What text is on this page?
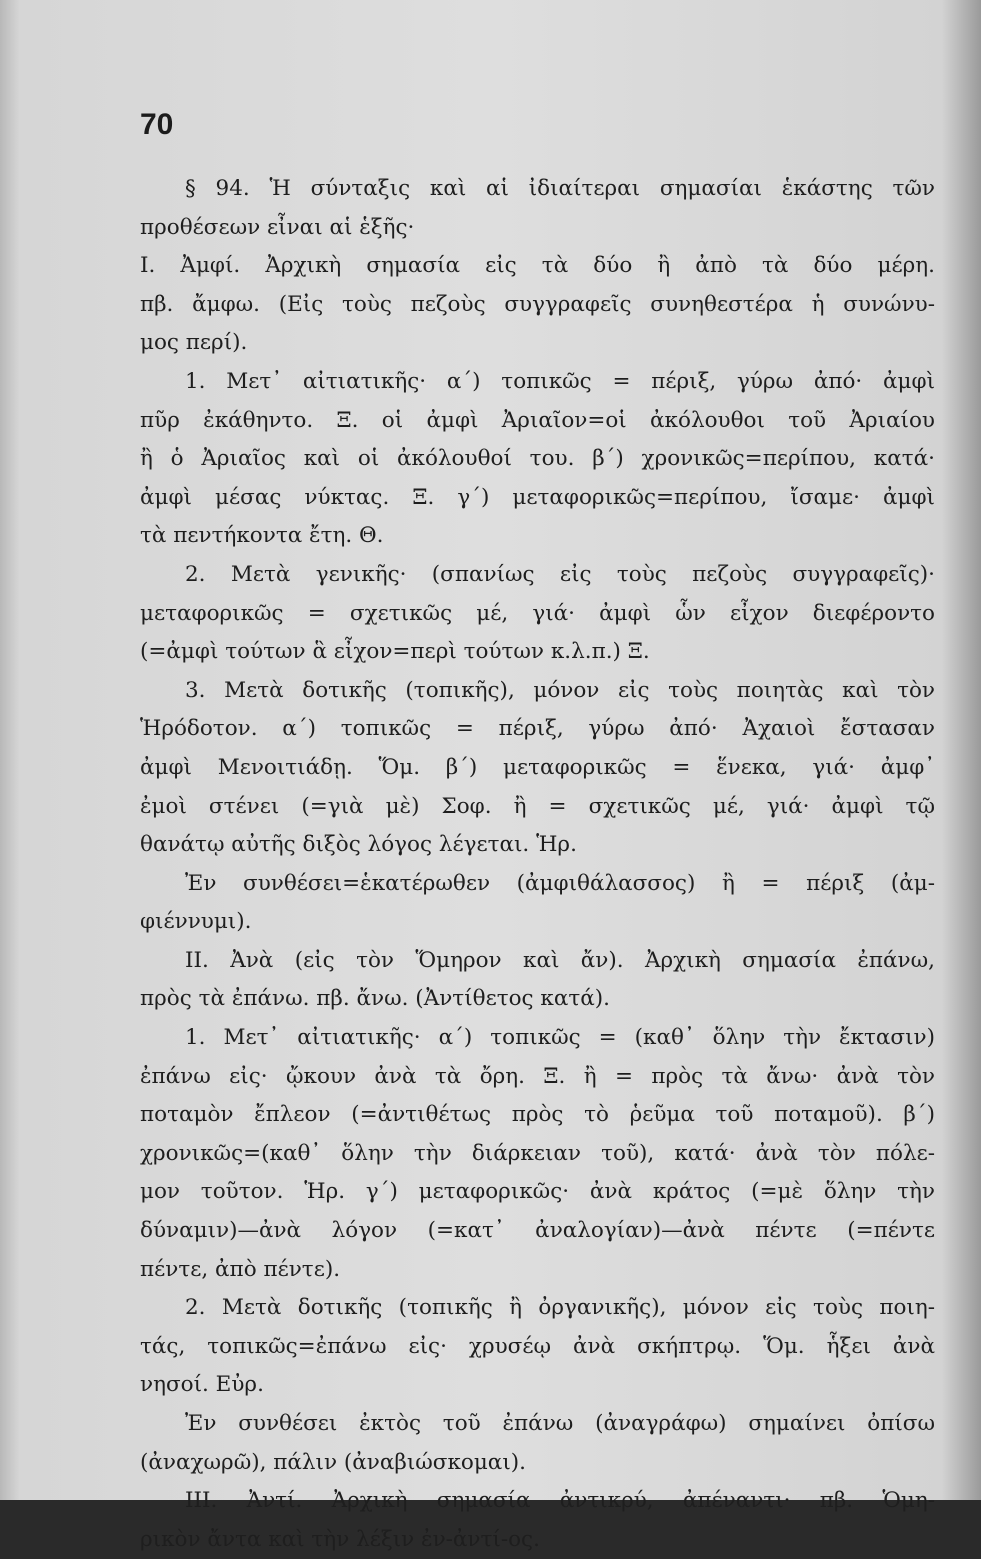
70
§ 94. Ἡ σύνταξις καὶ αἱ ἰδιαίτεραι σημασίαι ἑκάστης τῶν
προθέσεων εἶναι αἱ ἑξῆς·
Ι. Ἀμφί. Ἀρχικὴ σημασία εἰς τὰ δύο ἢ ἀπὸ τὰ δύο μέρη.
πβ. ἄμφω. (Εἰς τοὺς πεζοὺς συγγραφεῖς συνηθεστέρα ἡ συνώνυ-
μος περί).
1. Μετ᾽ αἰτιατικῆς· α΄) τοπικῶς = πέριξ, γύρω ἀπό· ἀμφὶ
πῦρ ἐκάθηντο. Ξ. οἱ ἀμφὶ Ἀριαῖον=οἱ ἀκόλουθοι τοῦ Ἀριαίου
ἢ ὁ Ἀριαῖος καὶ οἱ ἀκόλουθοί του. β΄) χρονικῶς=περίπου, κατά·
ἀμφὶ μέσας νύκτας. Ξ. γ΄) μεταφορικῶς=περίπου, ἴσαμε· ἀμφὶ
τὰ πεντήκοντα ἔτη. Θ.
2. Μετὰ γενικῆς· (σπανίως εἰς τοὺς πεζοὺς συγγραφεῖς)·
μεταφορικῶς = σχετικῶς μέ, γιά· ἀμφὶ ὧν εἶχον διεφέροντο
(=ἀμφὶ τούτων ἃ εἶχον=περὶ τούτων κ.λ.π.) Ξ.
3. Μετὰ δοτικῆς (τοπικῆς), μόνον εἰς τοὺς ποιητὰς καὶ τὸν
Ἡρόδοτον. α΄) τοπικῶς = πέριξ, γύρω ἀπό· Ἀχαιοὶ ἔστασαν
ἀμφὶ Μενοιτιάδῃ. Ὅμ. β΄) μεταφορικῶς = ἕνεκα, γιά· ἀμφ᾽
ἐμοὶ στένει (=γιὰ μὲ) Σοφ. ἢ = σχετικῶς μέ, γιά· ἀμφὶ τῷ
θανάτῳ αὐτῆς διξὸς λόγος λέγεται. Ἡρ.
Ἐν συνθέσει=ἑκατέρωθεν (ἀμφιθάλασσος) ἢ = πέριξ (ἀμ-
φιέννυμι).
ΙΙ. Ἀνὰ (εἰς τὸν Ὅμηρον καὶ ἄν). Ἀρχικὴ σημασία ἐπάνω,
πρὸς τὰ ἐπάνω. πβ. ἄνω. (Ἀντίθετος κατά).
1. Μετ᾽ αἰτιατικῆς· α΄) τοπικῶς = (καθ᾽ ὅλην τὴν ἔκτασιν)
ἐπάνω εἰς· ᾤκουν ἀνὰ τὰ ὄρη. Ξ. ἢ = πρὸς τὰ ἄνω· ἀνὰ τὸν
ποταμὸν ἔπλεον (=ἀντιθέτως πρὸς τὸ ῥεῦμα τοῦ ποταμοῦ). β΄)
χρονικῶς=(καθ᾽ ὅλην τὴν διάρκειαν τοῦ), κατά· ἀνὰ τὸν πόλε-
μον τοῦτον. Ἡρ. γ΄) μεταφορικῶς· ἀνὰ κράτος (=μὲ ὅλην τὴν
δύναμιν)—ἀνὰ λόγον (=κατ᾽ ἀναλογίαν)—ἀνὰ πέντε (=πέντε
πέντε, ἀπὸ πέντε).
2. Μετὰ δοτικῆς (τοπικῆς ἢ ὀργανικῆς), μόνον εἰς τοὺς ποιη-
τάς, τοπικῶς=ἐπάνω εἰς· χρυσέῳ ἀνὰ σκήπτρῳ. Ὅμ. ἧξει ἀνὰ
νησοί. Εὐρ.
Ἐν συνθέσει ἐκτὸς τοῦ ἐπάνω (ἀναγράφω) σημαίνει ὀπίσω
(ἀναχωρῶ), πάλιν (ἀναβιώσκομαι).
ΙΙΙ. Ἀντί. Ἀρχικὴ σημασία ἀντικρύ, ἀπέναντι· πβ. Ὁμη-
ρικὸν ἄντα καὶ τὴν λέξιν ἐν-ἀντί-ος.
